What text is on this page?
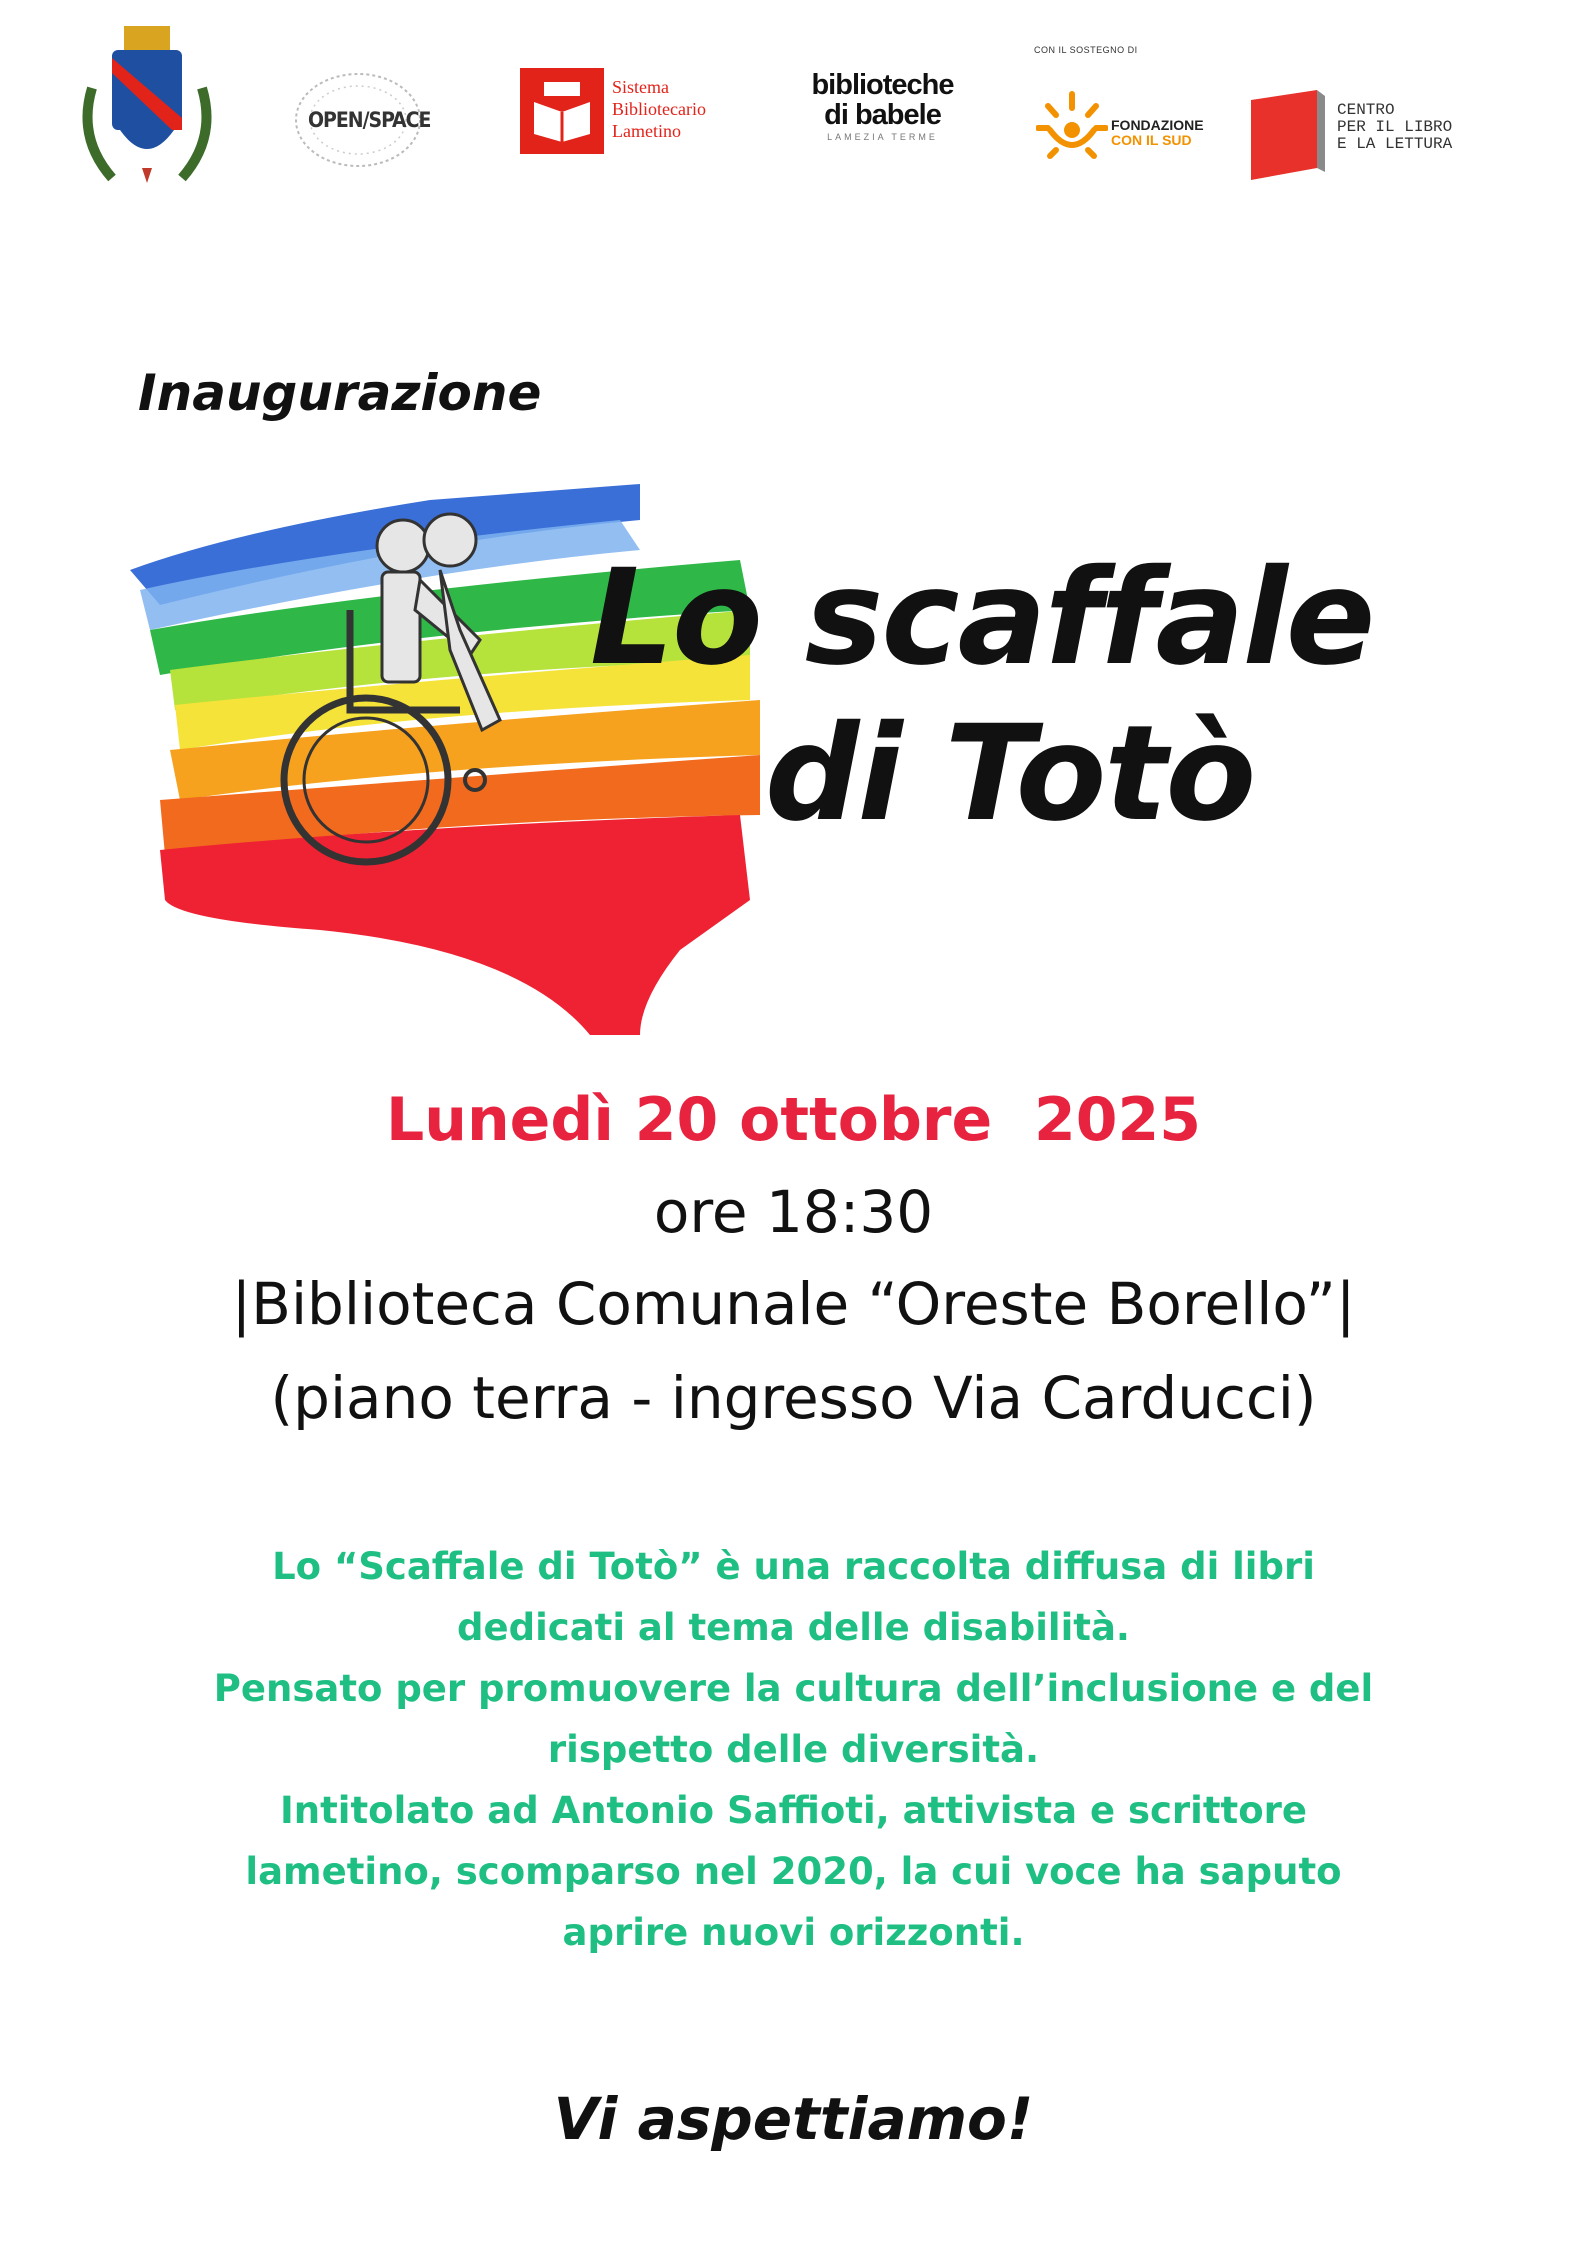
OPEN/SPACE
Sistema
Bibliotecario
Lametino
biblioteche
di babele
LAMEZIA TERME
CON IL SOSTEGNO DI
FONDAZIONE
CON IL SUD
CENTRO
PER IL LIBRO
E LA LETTURA
Inaugurazione
Lo scaffale
di Totò
Lunedì 20 ottobre  2025
ore 18:30
|Biblioteca Comunale “Oreste Borello”|
(piano terra - ingresso Via Carducci)
Lo “Scaffale di Totò” è una raccolta diffusa di libri
dedicati al tema delle disabilità.
Pensato per promuovere la cultura dell’inclusione e del
rispetto delle diversità.
Intitolato ad Antonio Saffioti, attivista e scrittore
lametino, scomparso nel 2020, la cui voce ha saputo
aprire nuovi orizzonti.
Vi aspettiamo!
